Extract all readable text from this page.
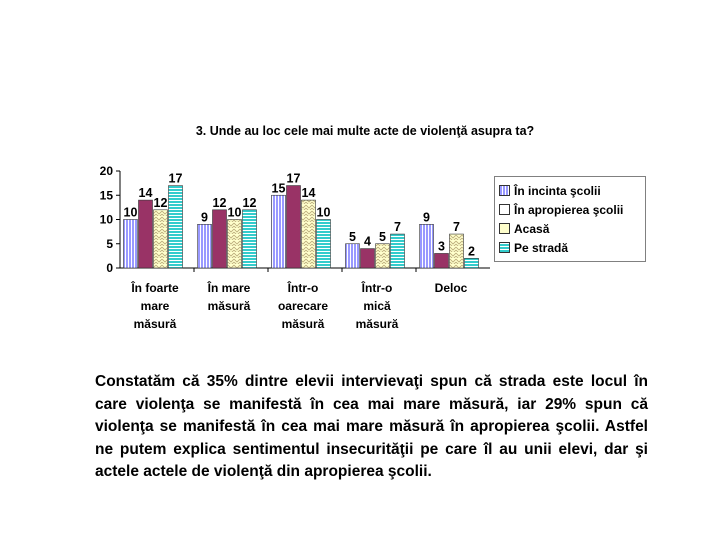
3. Unde au loc cele mai multe acte de violenţă asupra ta?
0
5
10
15
20
10
14
12
17
În foarte
mare
măsură
9
12
10
12
În mare
măsură
15
17
14
10
Într-o
oarecare
măsură
5 4 5
7
Într-o
mică
măsură
9
3
7
2
Deloc
În incinta şcolii
În apropierea şcolii
Acasă
Pe stradă
Constatăm că 35% dintre elevii intervievaţi spun că strada este locul în care violenţa se manifestă în cea mai mare măsură, iar 29% spun că violenţa se manifestă în cea mai mare măsură în apropierea şcolii. Astfel ne putem explica sentimentul insecurităţii pe care îl au unii elevi, dar şi actele actele de violenţă din apropierea şcolii.
